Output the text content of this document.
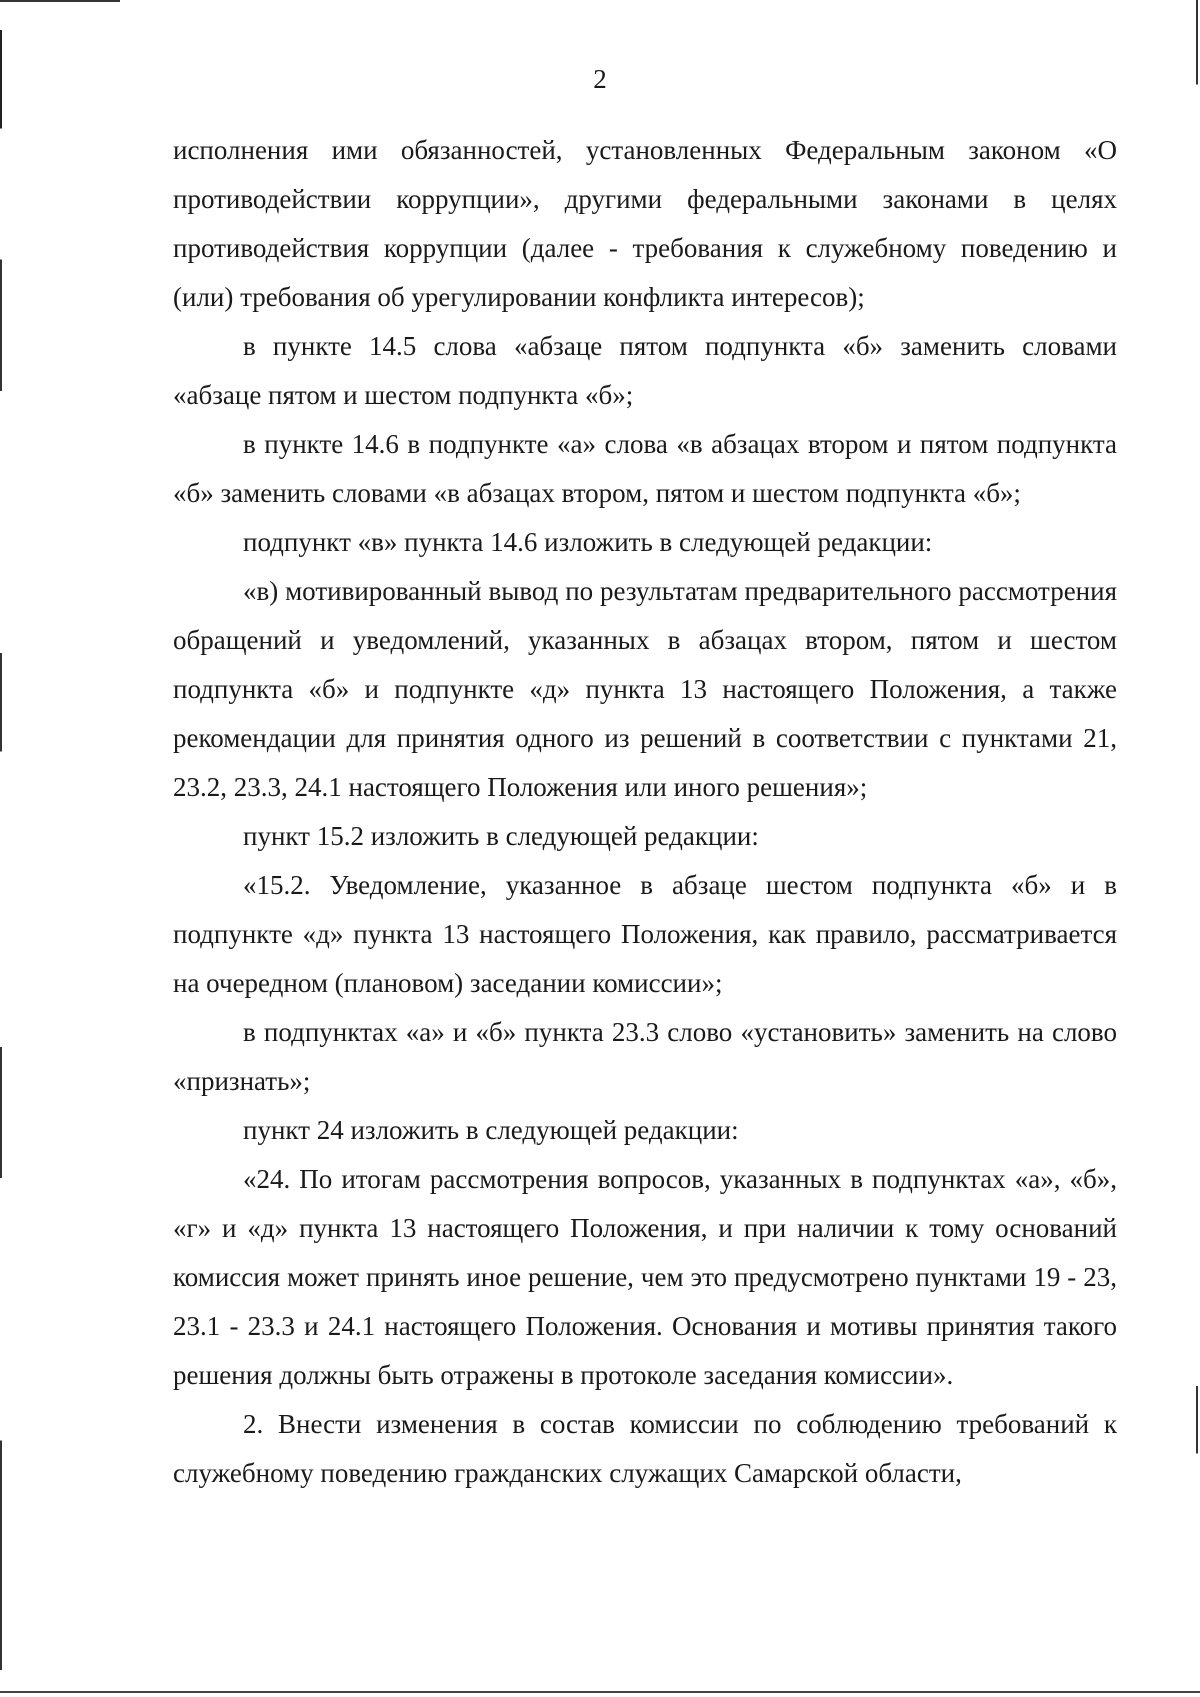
2

исполнения ими обязанностей, установленных Федеральным законом «О противодействии коррупции», другими федеральными законами в целях противодействия коррупции (далее - требования к служебному поведению и (или) требования об урегулировании конфликта интересов);

в пункте 14.5 слова «абзаце пятом подпункта «б» заменить словами «абзаце пятом и шестом подпункта «б»;

в пункте 14.6 в подпункте «а» слова «в абзацах втором и пятом подпункта «б» заменить словами «в абзацах втором, пятом и шестом подпункта «б»;

подпункт «в» пункта 14.6 изложить в следующей редакции:

«в) мотивированный вывод по результатам предварительного рассмотрения обращений и уведомлений, указанных в абзацах втором, пятом и шестом подпункта «б» и подпункте «д» пункта 13 настоящего Положения, а также рекомендации для принятия одного из решений в соответствии с пунктами 21, 23.2, 23.3, 24.1 настоящего Положения или иного решения»;

пункт 15.2 изложить в следующей редакции:

«15.2. Уведомление, указанное в абзаце шестом подпункта «б» и в подпункте «д» пункта 13 настоящего Положения, как правило, рассматривается на очередном (плановом) заседании комиссии»;

в подпунктах «а» и «б» пункта 23.3 слово «установить» заменить на слово «признать»;

пункт 24 изложить в следующей редакции:

«24. По итогам рассмотрения вопросов, указанных в подпунктах «а», «б», «г» и «д» пункта 13 настоящего Положения, и при наличии к тому оснований комиссия может принять иное решение, чем это предусмотрено пунктами 19 - 23, 23.1 - 23.3 и 24.1 настоящего Положения. Основания и мотивы принятия такого решения должны быть отражены в протоколе заседания комиссии».

2. Внести изменения в состав комиссии по соблюдению требований к служебному поведению гражданских служащих Самарской области,
